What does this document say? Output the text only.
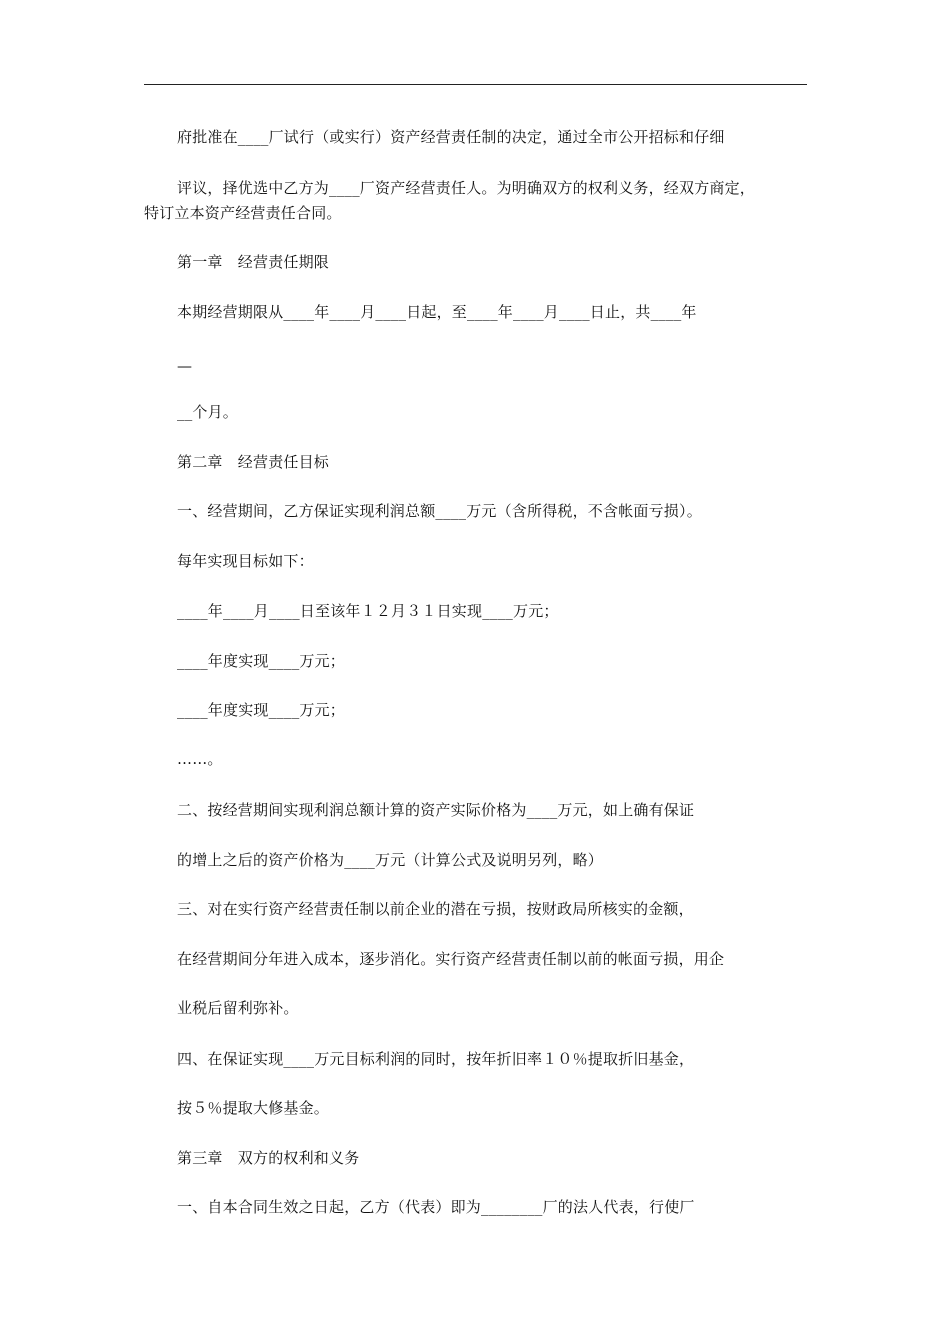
府批准在____厂试行（或实行）资产经营责任制的决定，通过全市公开招标和仔细
评议，择优选中乙方为____厂资产经营责任人。为明确双方的权利义务，经双方商定，
特订立本资产经营责任合同。
第一章　经营责任期限
本期经营期限从____年____月____日起，至____年____月____日止，共____年
—
__个月。
第二章　经营责任目标
一、经营期间，乙方保证实现利润总额____万元（含所得税，不含帐面亏损）。
每年实现目标如下：
____年____月____日至该年１２月３１日实现____万元；
____年度实现____万元；
____年度实现____万元；
……。
二、按经营期间实现利润总额计算的资产实际价格为____万元，如上确有保证
的增上之后的资产价格为____万元（计算公式及说明另列，略）
三、对在实行资产经营责任制以前企业的潜在亏损，按财政局所核实的金额，
在经营期间分年进入成本，逐步消化。实行资产经营责任制以前的帐面亏损，用企
业税后留利弥补。
四、在保证实现____万元目标利润的同时，按年折旧率１０％提取折旧基金，
按５％提取大修基金。
第三章　双方的权利和义务
一、自本合同生效之日起，乙方（代表）即为________厂的法人代表，行使厂
